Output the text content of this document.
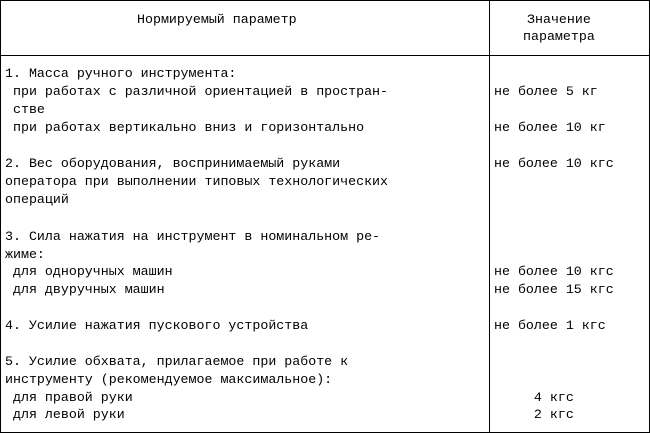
Нормируемый параметр	Значение
параметра
1. Масса ручного инструмента:
при работах с различной ориентацией в простран-	не более 5 кг
стве
при работах вертикально вниз и горизонтально	не более 10 кг
2. Вес оборудования, воспринимаемый руками	не более 10 кгс
оператора при выполнении типовых технологических
операций
3. Сила нажатия на инструмент в номинальном ре-
жиме:
для одноручных машин	не более 10 кгс
для двуручных машин	не более 15 кгс
4. Усилие нажатия пускового устройства	не более 1 кгс
5. Усилие обхвата, прилагаемое при работе к
инструменту (рекомендуемое максимальное):
для правой руки	4 кгс
для левой руки	2 кгс
